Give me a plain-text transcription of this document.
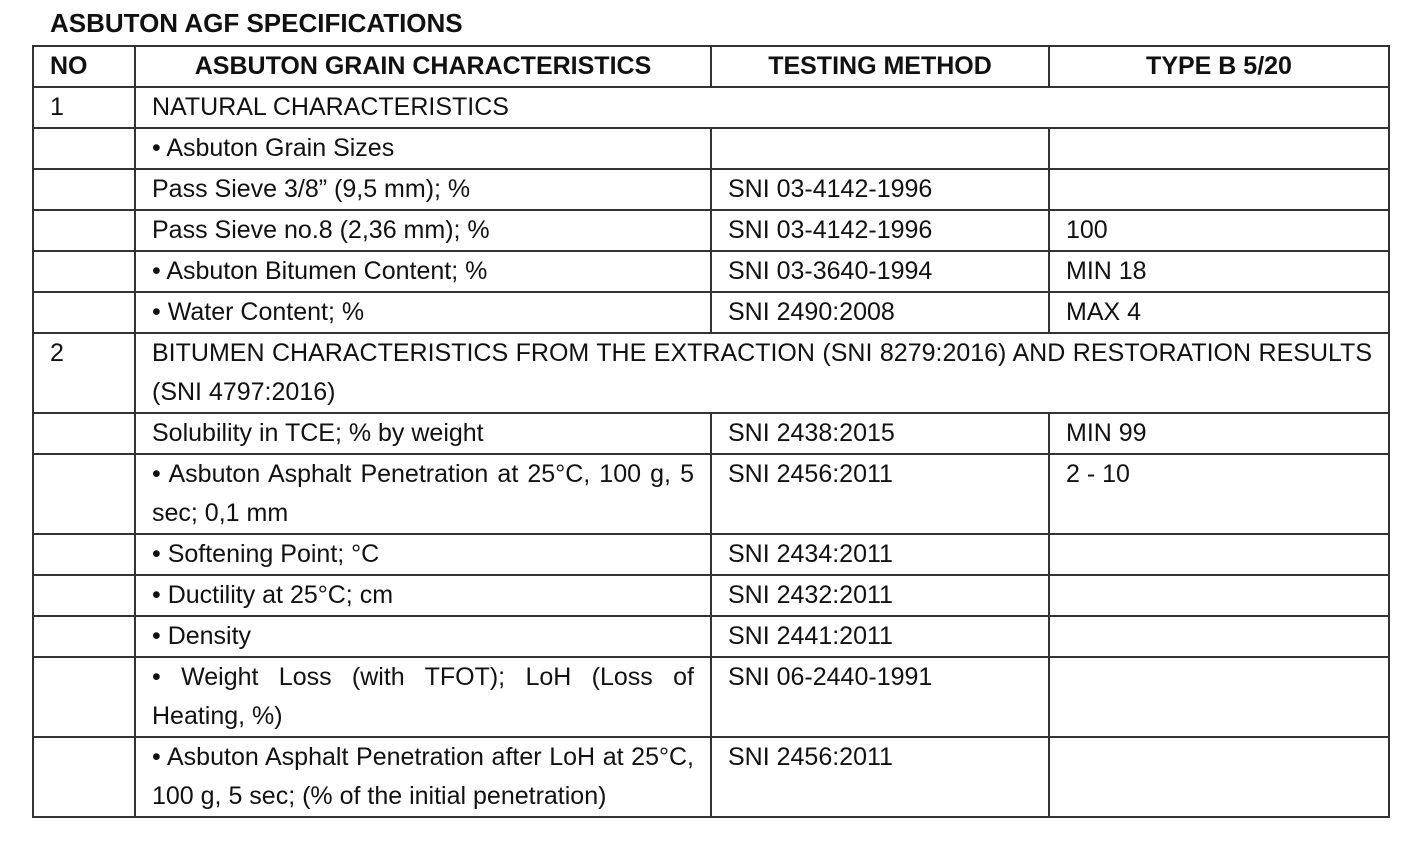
ASBUTON AGF SPECIFICATIONS
NO	ASBUTON GRAIN CHARACTERISTICS	TESTING METHOD	TYPE B 5/20
1	NATURAL CHARACTERISTICS		
	• Asbuton Grain Sizes		
	Pass Sieve 3/8” (9,5 mm); %	SNI 03-4142-1996	
	Pass Sieve no.8 (2,36 mm); %	SNI 03-4142-1996	100
	• Asbuton Bitumen Content; %	SNI 03-3640-1994	MIN 18
	• Water Content; %	SNI 2490:2008	MAX 4
2	BITUMEN CHARACTERISTICS FROM THE EXTRACTION (SNI 8279:2016) AND RESTORATION RESULTS (SNI 4797:2016)		
	Solubility in TCE; % by weight	SNI 2438:2015	MIN 99
	• Asbuton Asphalt Penetration at 25°C, 100 g, 5 sec; 0,1 mm	SNI 2456:2011	2 - 10
	• Softening Point; °C	SNI 2434:2011	
	• Ductility at 25°C; cm	SNI 2432:2011	
	• Density	SNI 2441:2011	
	• Weight Loss (with TFOT); LoH (Loss of Heating, %)	SNI 06-2440-1991	
	• Asbuton Asphalt Penetration after LoH at 25°C, 100 g, 5 sec; (% of the initial penetration)	SNI 2456:2011	
